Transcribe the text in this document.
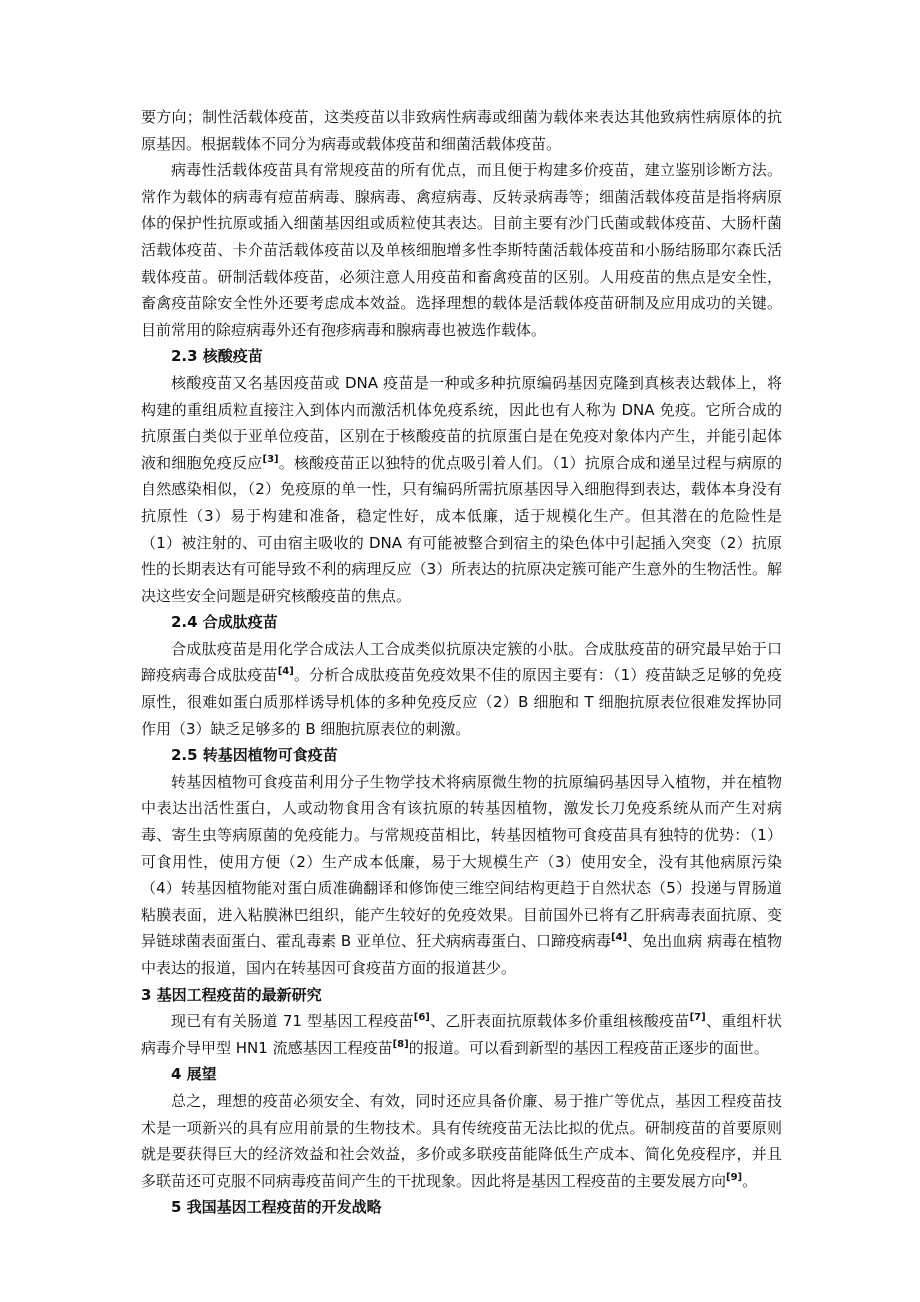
要方向；制性活载体疫苗，这类疫苗以非致病性病毒或细菌为载体来表达其他致病性病原体的抗原基因。根据载体不同分为病毒或载体疫苗和细菌活载体疫苗。

病毒性活载体疫苗具有常规疫苗的所有优点，而且便于构建多价疫苗，建立鉴别诊断方法。常作为载体的病毒有痘苗病毒、腺病毒、禽痘病毒、反转录病毒等；细菌活载体疫苗是指将病原体的保护性抗原或插入细菌基因组或质粒使其表达。目前主要有沙门氏菌或载体疫苗、大肠杆菌活载体疫苗、卡介苗活载体疫苗以及单核细胞增多性李斯特菌活载体疫苗和小肠结肠耶尔森氏活载体疫苗。研制活载体疫苗，必须注意人用疫苗和畜禽疫苗的区别。人用疫苗的焦点是安全性，畜禽疫苗除安全性外还要考虑成本效益。选择理想的载体是活载体疫苗研制及应用成功的关键。目前常用的除痘病毒外还有孢疹病毒和腺病毒也被选作载体。

2.3 核酸疫苗

核酸疫苗又名基因疫苗或 DNA 疫苗是一种或多种抗原编码基因克隆到真核表达载体上，将构建的重组质粒直接注入到体内而激活机体免疫系统，因此也有人称为 DNA 免疫。它所合成的抗原蛋白类似于亚单位疫苗，区别在于核酸疫苗的抗原蛋白是在免疫对象体内产生，并能引起体液和细胞免疫反应[3]。核酸疫苗正以独特的优点吸引着人们。（1）抗原合成和递呈过程与病原的自然感染相似，（2）免疫原的单一性，只有编码所需抗原基因导入细胞得到表达，载体本身没有抗原性（3）易于构建和准备，稳定性好，成本低廉，适于规模化生产。但其潜在的危险性是（1）被注射的、可由宿主吸收的 DNA 有可能被整合到宿主的染色体中引起插入突变（2）抗原性的长期表达有可能导致不利的病理反应（3）所表达的抗原决定簇可能产生意外的生物活性。解决这些安全问题是研究核酸疫苗的焦点。

2.4 合成肽疫苗

合成肽疫苗是用化学合成法人工合成类似抗原决定簇的小肽。合成肽疫苗的研究最早始于口蹄疫病毒合成肽疫苗[4]。分析合成肽疫苗免疫效果不佳的原因主要有：（1）疫苗缺乏足够的免疫原性，很难如蛋白质那样诱导机体的多种免疫反应（2）B 细胞和 T 细胞抗原表位很难发挥协同作用（3）缺乏足够多的 B 细胞抗原表位的刺激。

2.5 转基因植物可食疫苗

转基因植物可食疫苗利用分子生物学技术将病原微生物的抗原编码基因导入植物，并在植物中表达出活性蛋白，人或动物食用含有该抗原的转基因植物，激发长刀免疫系统从而产生对病毒、寄生虫等病原菌的免疫能力。与常规疫苗相比，转基因植物可食疫苗具有独特的优势：（1）可食用性，使用方便（2）生产成本低廉，易于大规模生产（3）使用安全，没有其他病原污染（4）转基因植物能对蛋白质准确翻译和修饰使三维空间结构更趋于自然状态（5）投递与胃肠道粘膜表面，进入粘膜淋巴组织，能产生较好的免疫效果。目前国外已将有乙肝病毒表面抗原、变异链球菌表面蛋白、霍乱毒素 B 亚单位、狂犬病病毒蛋白、口蹄疫病毒[4]、兔出血病 病毒在植物中表达的报道，国内在转基因可食疫苗方面的报道甚少。

3 基因工程疫苗的最新研究

现已有有关肠道 71 型基因工程疫苗[6]、乙肝表面抗原载体多价重组核酸疫苗[7]、重组杆状病毒介导甲型 HN1 流感基因工程疫苗[8]的报道。可以看到新型的基因工程疫苗正逐步的面世。

4 展望

总之，理想的疫苗必须安全、有效，同时还应具备价廉、易于推广等优点，基因工程疫苗技术是一项新兴的具有应用前景的生物技术。具有传统疫苗无法比拟的优点。研制疫苗的首要原则就是要获得巨大的经济效益和社会效益，多价或多联疫苗能降低生产成本、简化免疫程序，并且多联苗还可克服不同病毒疫苗间产生的干扰现象。因此将是基因工程疫苗的主要发展方向[9]。

5 我国基因工程疫苗的开发战略
